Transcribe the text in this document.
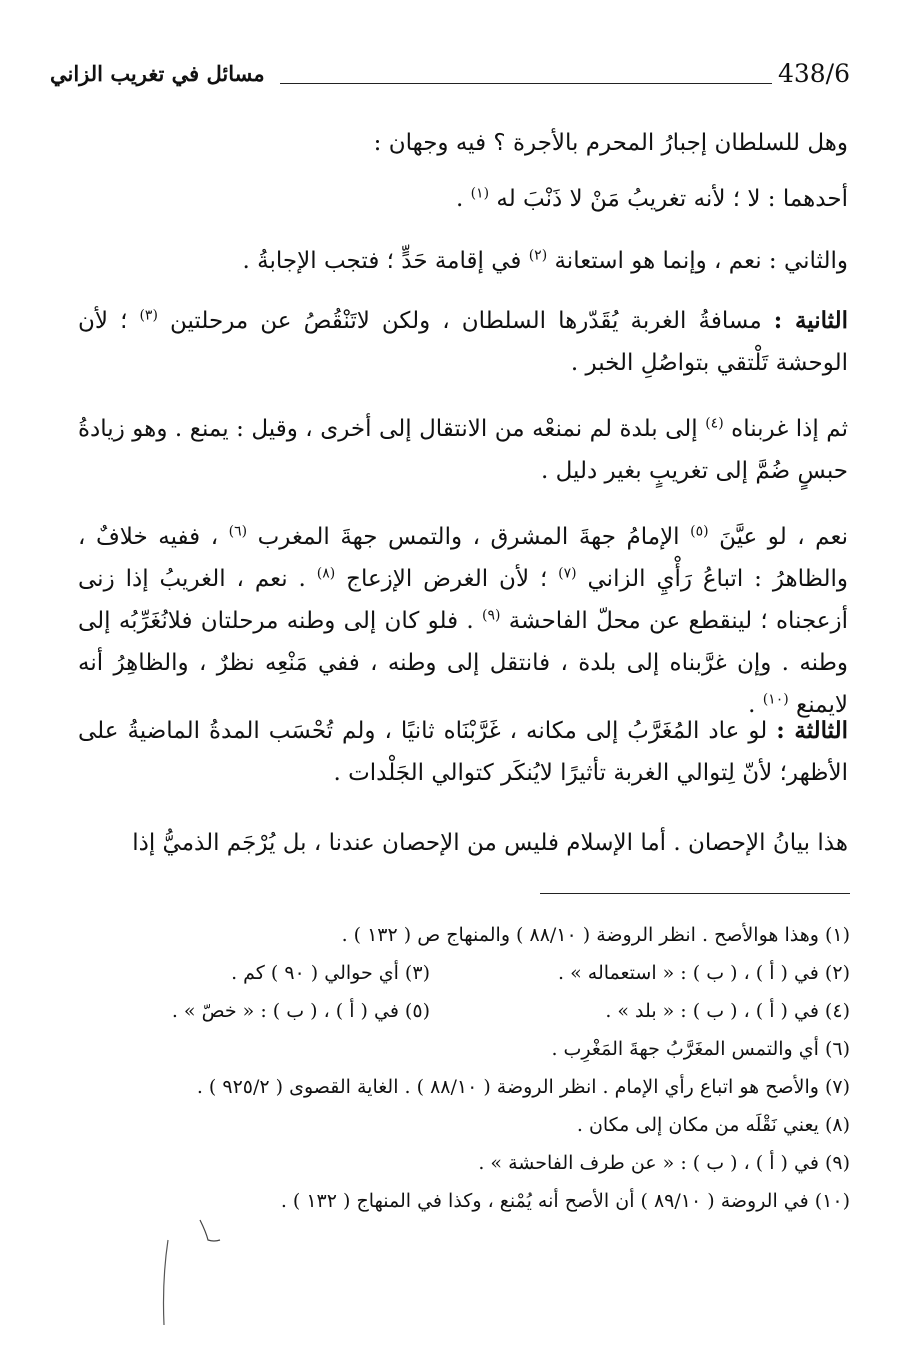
438/6
مسائل في تغريب الزاني
وهل للسلطان إجبارُ المحرم بالأجرة ؟ فيه وجهان :
أحدهما : لا ؛ لأنه تغريبُ مَنْ لا ذَنْبَ له $^{(١)}$ .
والثاني : نعم ، وإنما هو استعانة $^{(٢)}$ في إقامة حَدٍّ ؛ فتجب الإجابةُ .
الثانية : مسافةُ الغربة يُقَدّرها السلطان ، ولكن لاتَنْقُصُ عن مرحلتين $^{(٣)}$ ؛ لأن الوحشة تَلْتقي بتواصُلِ الخبر .
ثم إذا غربناه $^{(٤)}$ إلى بلدة لم نمنعْه من الانتقال إلى أخرى ، وقيل : يمنع . وهو زيادةُ حبسٍ ضُمَّ إلى تغريبٍ بغير دليل .
نعم ، لو عيَّنَ $^{(٥)}$ الإمامُ جهةَ المشرق ، والتمس جهةَ المغرب $^{(٦)}$ ، ففيه خلافٌ ، والظاهرُ : اتباعُ رَأْيِ الزاني $^{(٧)}$ ؛ لأن الغرض الإزعاج $^{(٨)}$ . نعم ، الغريبُ إذا زنى أزعجناه ؛ لينقطع عن محلّ الفاحشة $^{(٩)}$ . فلو كان إلى وطنه مرحلتان فلانُغَرِّبُه إلى وطنه . وإن غرَّبناه إلى بلدة ، فانتقل إلى وطنه ، ففي مَنْعِه نظرٌ ، والظاهِرُ أنه لايمنع $^{(١٠)}$ .
الثالثة : لو عاد المُغَرَّبُ إلى مكانه ، غَرَّبْنَاه ثانيًا ، ولم تُحْسَب المدةُ الماضيةُ على الأظهر؛ لأنّ لِتوالي الغربة تأثيرًا لايُنكَر كتوالي الجَلْدات .
هذا بيانُ الإحصان . أما الإسلام فليس من الإحصان عندنا ، بل يُرْجَم الذميُّ إذا
(١) وهذا هوالأصح . انظر الروضة ( ٨٨/١٠ ) والمنهاج ص ( ١٣٢ ) .
(٢) في ( أ ) ، ( ب ) : « استعماله » .
(٣) أي حوالي ( ٩٠ ) كم .
(٤) في ( أ ) ، ( ب ) : « بلد » .
(٥) في ( أ ) ، ( ب ) : « خصّ » .
(٦) أي والتمس المغَرَّبُ جهةَ المَغْرِب .
(٧) والأصح هو اتباع رأي الإمام . انظر الروضة ( ٨٨/١٠ ) . الغاية القصوى ( ٩٢٥/٢ ) .
(٨) يعني نَقْلَه من مكان إلى مكان .
(٩) في ( أ ) ، ( ب ) : « عن طرف الفاحشة » .
(١٠) في الروضة ( ٨٩/١٠ ) أن الأصح أنه يُمْنع ، وكذا في المنهاج ( ١٣٢ ) .
